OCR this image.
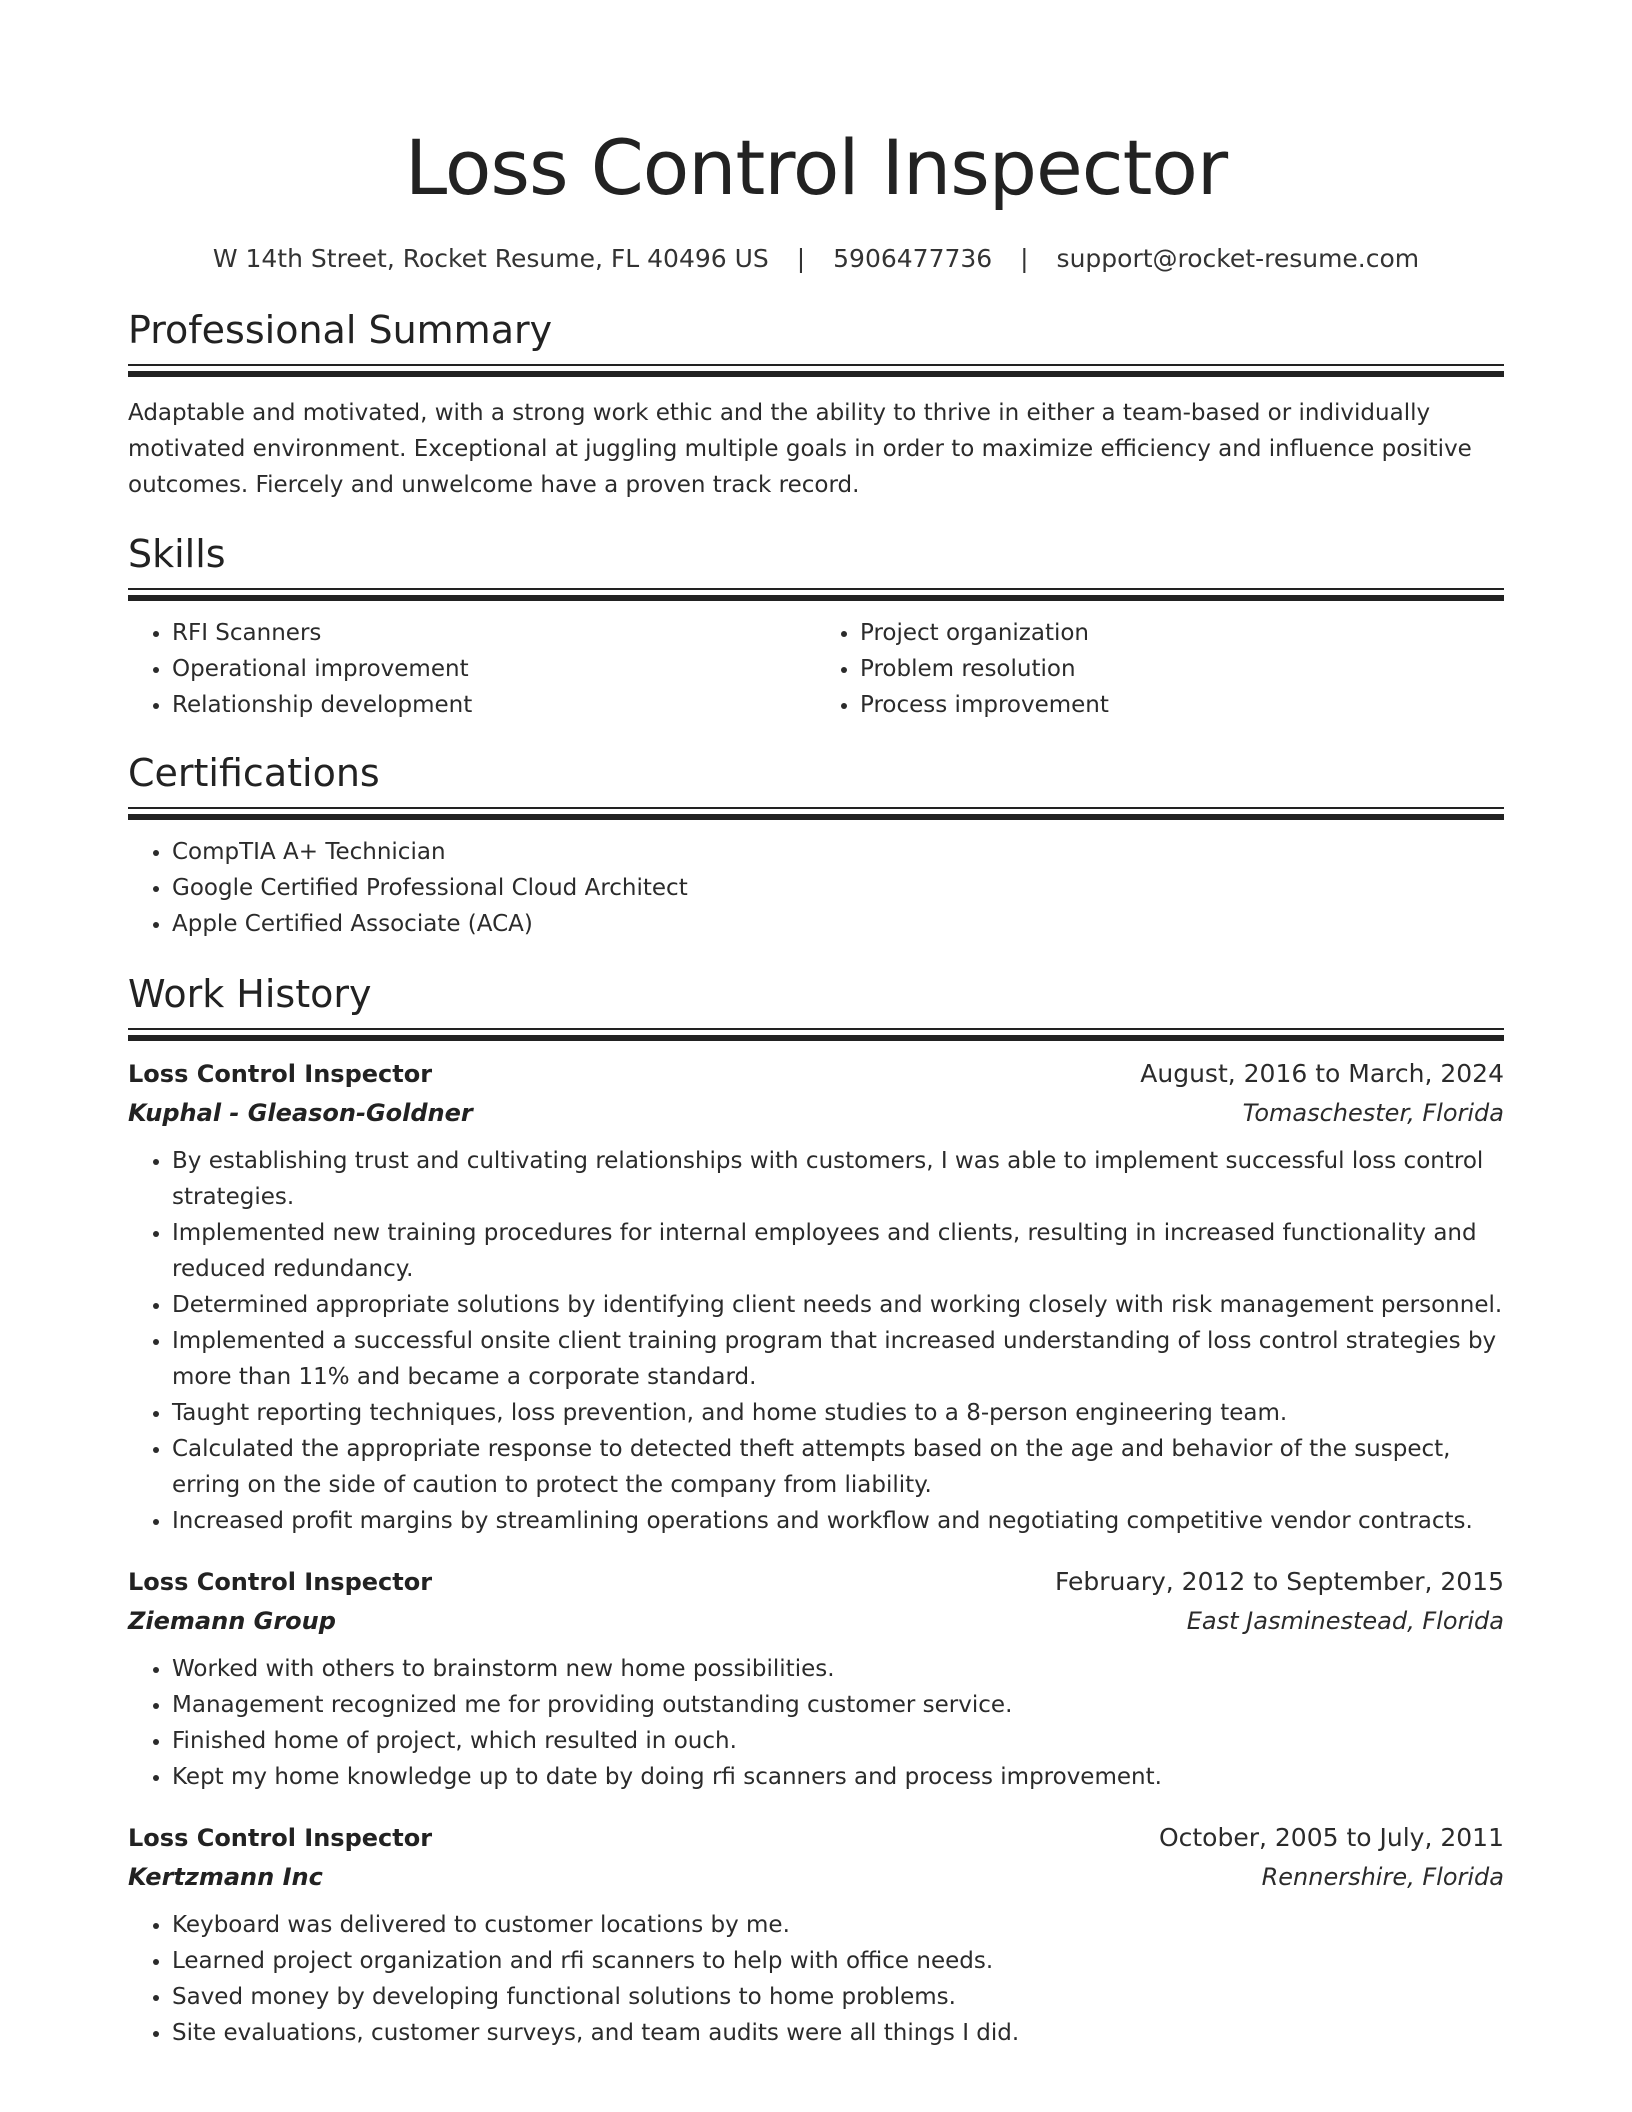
Loss Control Inspector
W 14th Street, Rocket Resume, FL 40496 US | 5906477736 | support@rocket-resume.com
Professional Summary

Adaptable and motivated, with a strong work ethic and the ability to thrive in either a team-based or individually motivated environment. Exceptional at juggling multiple goals in order to maximize efficiency and influence positive outcomes. Fiercely and unwelcome have a proven track record.

Skills
• RFI Scanners
• Operational improvement
• Relationship development
• Project organization
• Problem resolution
• Process improvement
Certifications
• CompTIA A+ Technician
• Google Certified Professional Cloud Architect
• Apple Certified Associate (ACA)
Work History
Loss Control Inspector	August, 2016 to March, 2024
Kuphal - Gleason-Goldner	Tomaschester, Florida
• By establishing trust and cultivating relationships with customers, I was able to implement successful loss control strategies.
• Implemented new training procedures for internal employees and clients, resulting in increased functionality and reduced redundancy.
• Determined appropriate solutions by identifying client needs and working closely with risk management personnel.
• Implemented a successful onsite client training program that increased understanding of loss control strategies by more than 11% and became a corporate standard.
• Taught reporting techniques, loss prevention, and home studies to a 8-person engineering team.
• Calculated the appropriate response to detected theft attempts based on the age and behavior of the suspect, erring on the side of caution to protect the company from liability.
• Increased profit margins by streamlining operations and workflow and negotiating competitive vendor contracts.
Loss Control Inspector	February, 2012 to September, 2015
Ziemann Group	East Jasminestead, Florida
• Worked with others to brainstorm new home possibilities.
• Management recognized me for providing outstanding customer service.
• Finished home of project, which resulted in ouch.
• Kept my home knowledge up to date by doing rfi scanners and process improvement.
Loss Control Inspector	October, 2005 to July, 2011
Kertzmann Inc	Rennershire, Florida
• Keyboard was delivered to customer locations by me.
• Learned project organization and rfi scanners to help with office needs.
• Saved money by developing functional solutions to home problems.
• Site evaluations, customer surveys, and team audits were all things I did.
